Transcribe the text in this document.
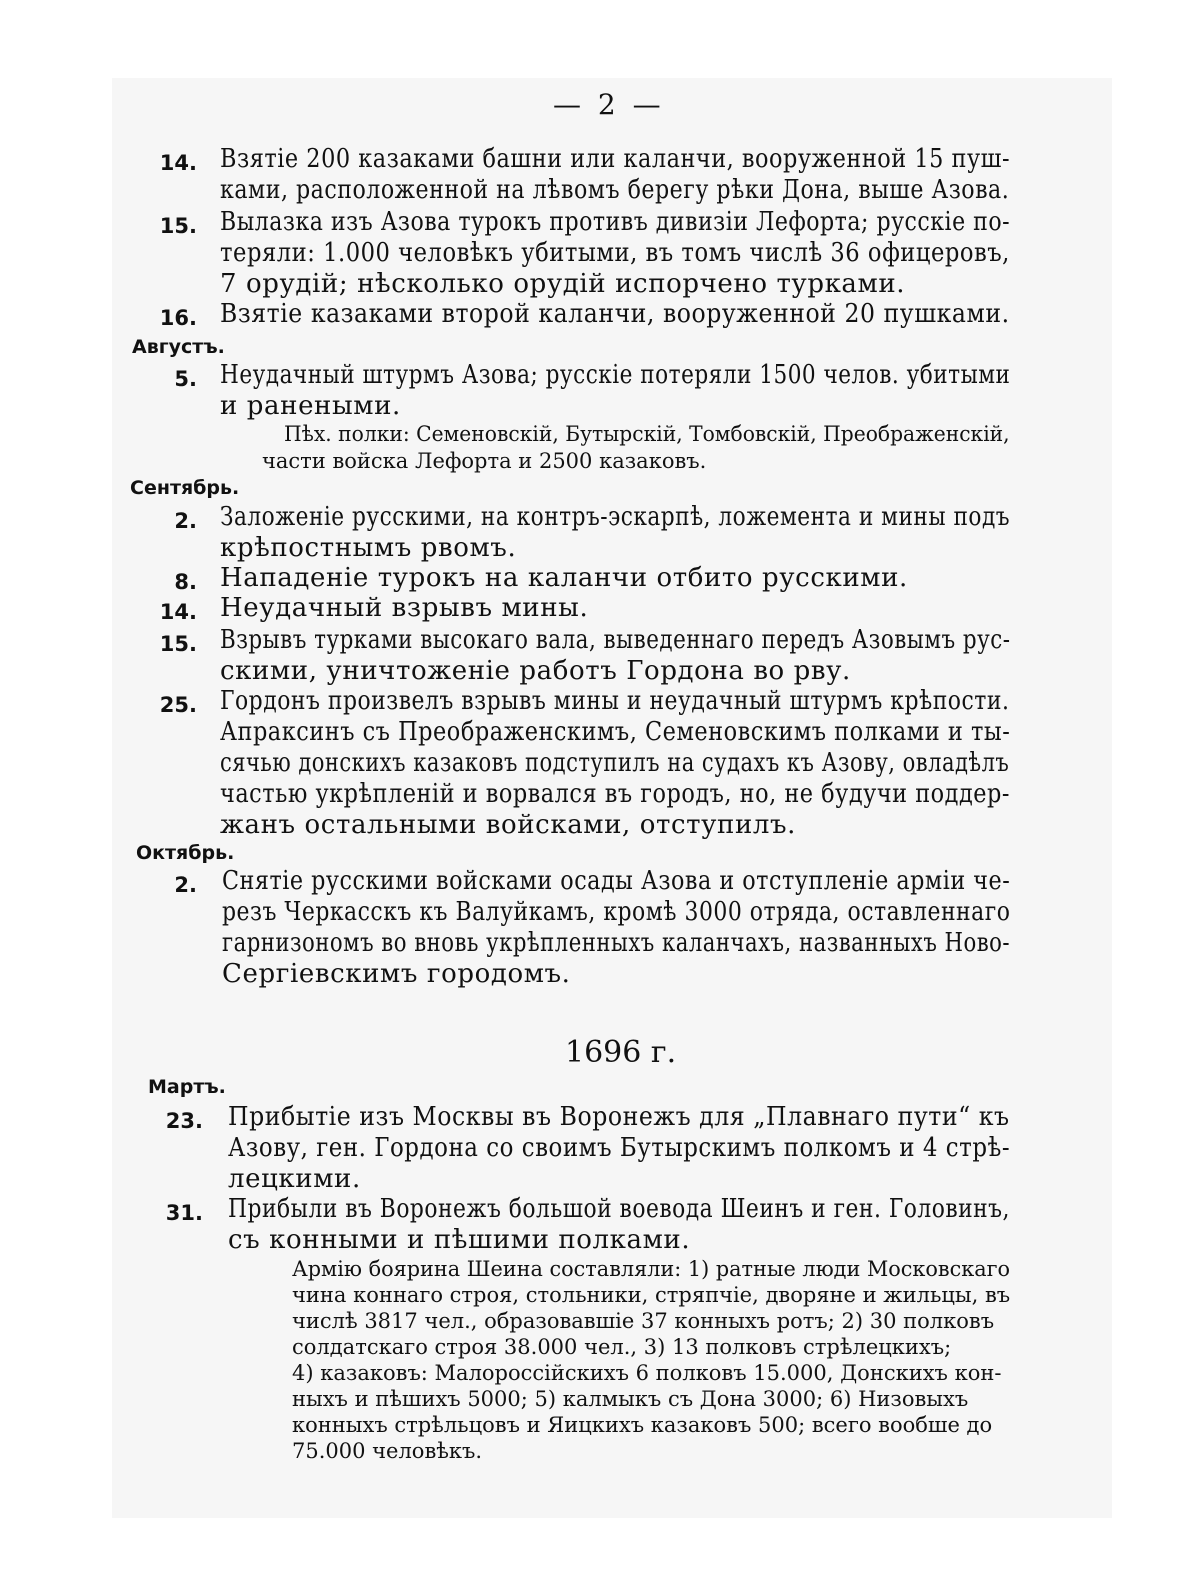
— 2 —
14. Взятіе 200 казаками башни или каланчи, вооруженной 15 пуш-
ками, расположенной на лѣвомъ берегу рѣки Дона, выше Азова.
15. Вылазка изъ Азова турокъ противъ дивизіи Лефорта; русскіе по-
теряли: 1.000 человѣкъ убитыми, въ томъ числѣ 36 офицеровъ,
7 орудій; нѣсколько орудій испорчено турками.
16. Взятіе казаками второй каланчи, вооруженной 20 пушками.
Августъ.
5. Неудачный штурмъ Азова; русскіе потеряли 1500 челов. убитыми
и ранеными.
Пѣх. полки: Семеновскій, Бутырскій, Томбовскій, Преображенскій,
части войска Лефорта и 2500 казаковъ.
Сентябрь.
2. Заложеніе русскими, на контръ-эскарпѣ, ложемента и мины подъ
крѣпостнымъ рвомъ.
8. Нападеніе турокъ на каланчи отбито русскими.
14. Неудачный взрывъ мины.
15. Взрывъ турками высокаго вала, выведеннаго передъ Азовымъ рус-
скими, уничтоженіе работъ Гордона во рву.
25. Гордонъ произвелъ взрывъ мины и неудачный штурмъ крѣпости.
Апраксинъ съ Преображенскимъ, Семеновскимъ полками и ты-
сячью донскихъ казаковъ подступилъ на судахъ къ Азову, овладѣлъ
частью укрѣпленій и ворвался въ городъ, но, не будучи поддер-
жанъ остальными войсками, отступилъ.
Октябрь.
2. Снятіе русскими войсками осады Азова и отступленіе арміи че-
резъ Черкасскъ къ Валуйкамъ, кромѣ 3000 отряда, оставленнаго
гарнизономъ во вновь укрѣпленныхъ каланчахъ, названныхъ Ново-
Сергіевскимъ городомъ.
1696 г.
Мартъ.
23. Прибытіе изъ Москвы въ Воронежъ для „Плавнаго пути“ къ
Азову, ген. Гордона со своимъ Бутырскимъ полкомъ и 4 стрѣ-
лецкими.
31. Прибыли въ Воронежъ большой воевода Шеинъ и ген. Головинъ,
съ конными и пѣшими полками.
Армію боярина Шеина составляли: 1) ратные люди Московскаго
чина коннаго строя, стольники, стряпчіе, дворяне и жильцы, въ
числѣ 3817 чел., образовавшіе 37 конныхъ ротъ; 2) 30 полковъ
солдатскаго строя 38.000 чел., 3) 13 полковъ стрѣлецкихъ;
4) казаковъ: Малороссійскихъ 6 полковъ 15.000, Донскихъ кон-
ныхъ и пѣшихъ 5000; 5) калмыкъ съ Дона 3000; 6) Низовыхъ
конныхъ стрѣльцовъ и Яицкихъ казаковъ 500; всего вообше до
75.000 человѣкъ.
